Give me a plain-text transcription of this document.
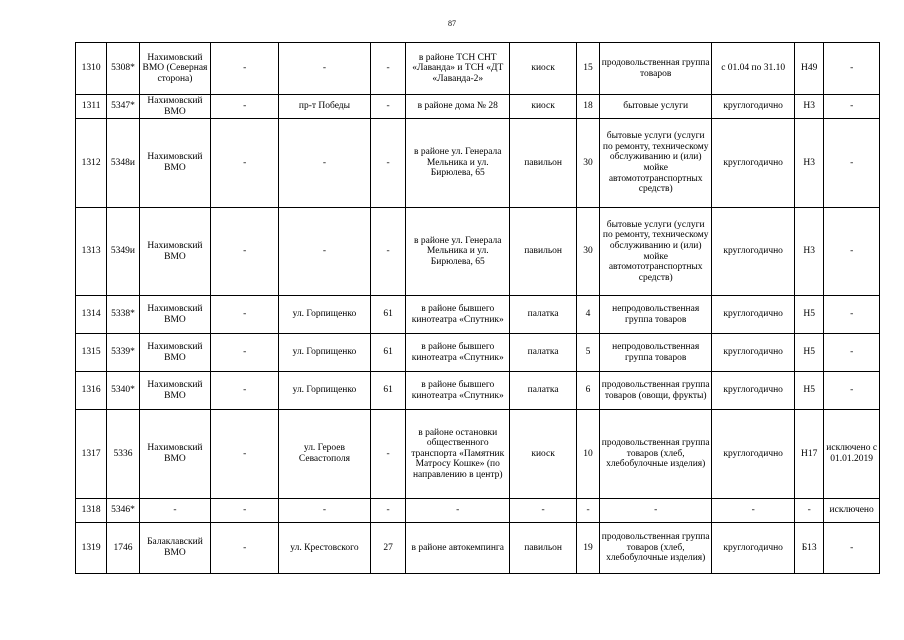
87
1310	5308*	Нахимовский ВМО (Северная сторона)	-	-	-	в районе ТСН СНТ «Лаванда» и ТСН «ДТ «Лаванда-2»	киоск	15	продовольственная группа товаров	с 01.04 по 31.10	Н49	-
1311	5347*	Нахимовский ВМО	-	пр-т Победы	-	в районе дома № 28	киоск	18	бытовые услуги	круглогодично	Н3	-
1312	5348и	Нахимовский ВМО	-	-	-	в районе ул. Генерала Мельника и ул. Бирюлева, 65	павильон	30	бытовые услуги (услуги по ремонту, техническому обслуживанию и (или) мойке автомототранспортных средств)	круглогодично	Н3	-
1313	5349и	Нахимовский ВМО	-	-	-	в районе ул. Генерала Мельника и ул. Бирюлева, 65	павильон	30	бытовые услуги (услуги по ремонту, техническому обслуживанию и (или) мойке автомототранспортных средств)	круглогодично	Н3	-
1314	5338*	Нахимовский ВМО	-	ул. Горпищенко	61	в районе бывшего кинотеатра «Спутник»	палатка	4	непродовольственная группа товаров	круглогодично	Н5	-
1315	5339*	Нахимовский ВМО	-	ул. Горпищенко	61	в районе бывшего кинотеатра «Спутник»	палатка	5	непродовольственная группа товаров	круглогодично	Н5	-
1316	5340*	Нахимовский ВМО	-	ул. Горпищенко	61	в районе бывшего кинотеатра «Спутник»	палатка	6	продовольственная группа товаров (овощи, фрукты)	круглогодично	Н5	-
1317	5336	Нахимовский ВМО	-	ул. Героев Севастополя	-	в районе остановки общественного транспорта «Памятник Матросу Кошке» (по направлению в центр)	киоск	10	продовольственная группа товаров (хлеб, хлебобулочные изделия)	круглогодично	Н17	исключено с 01.01.2019
1318	5346*	-	-	-	-	-	-	-	-	-	-	исключено
1319	1746	Балаклавский ВМО	-	ул. Крестовского	27	в районе автокемпинга	павильон	19	продовольственная группа товаров (хлеб, хлебобулочные изделия)	круглогодично	Б13	-
